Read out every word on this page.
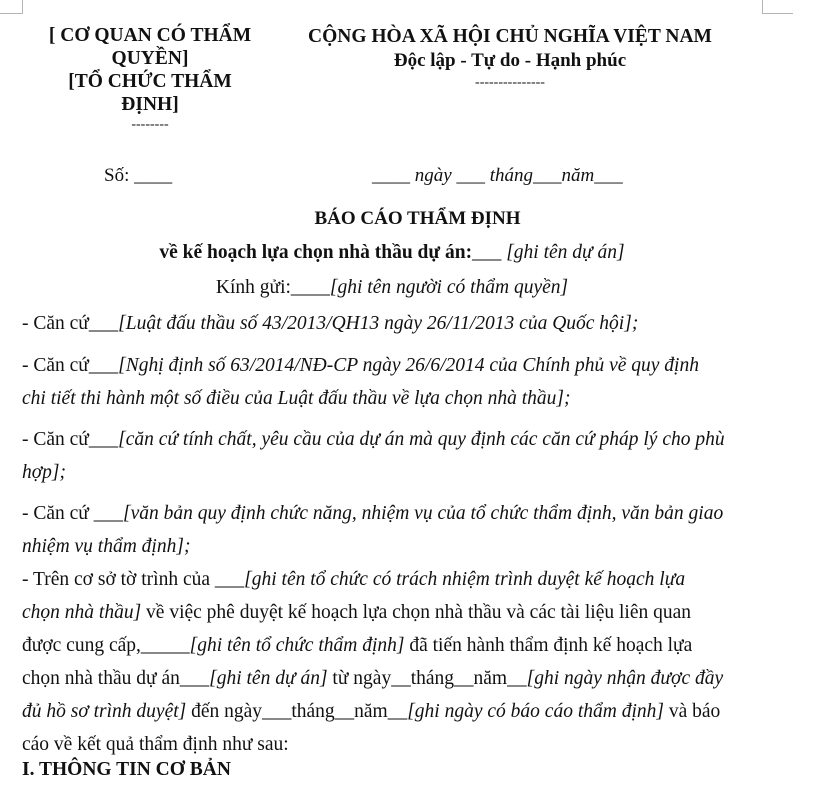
[ CƠ QUAN CÓ THẨM
QUYỀN]
[TỔ CHỨC THẨM
ĐỊNH]
--------
CỘNG HÒA XÃ HỘI CHỦ NGHĨA VIỆT NAM
Độc lập - Tự do - Hạnh phúc
---------------
Số: ____	____ ngày ___ tháng___năm___
BÁO CÁO THẨM ĐỊNH
về kế hoạch lựa chọn nhà thầu dự án:___ [ghi tên dự án]
Kính gửi:____[ghi tên người có thẩm quyền]
- Căn cứ___[Luật đấu thầu số 43/2013/QH13 ngày 26/11/2013 của Quốc hội];
- Căn cứ___[Nghị định số 63/2014/NĐ-CP ngày 26/6/2014 của Chính phủ về quy định
chi tiết thi hành một số điều của Luật đấu thầu về lựa chọn nhà thầu];
- Căn cứ___[căn cứ tính chất, yêu cầu của dự án mà quy định các căn cứ pháp lý cho phù
hợp];
- Căn cứ ___[văn bản quy định chức năng, nhiệm vụ của tổ chức thẩm định, văn bản giao
nhiệm vụ thẩm định];
- Trên cơ sở tờ trình của ___[ghi tên tổ chức có trách nhiệm trình duyệt kế hoạch lựa
chọn nhà thầu] về việc phê duyệt kế hoạch lựa chọn nhà thầu và các tài liệu liên quan
được cung cấp,_____[ghi tên tổ chức thẩm định] đã tiến hành thẩm định kế hoạch lựa
chọn nhà thầu dự án___[ghi tên dự án] từ ngày__tháng__năm__[ghi ngày nhận được đầy
đủ hồ sơ trình duyệt] đến ngày___tháng__năm__[ghi ngày có báo cáo thẩm định] và báo
cáo về kết quả thẩm định như sau:
I. THÔNG TIN CƠ BẢN
